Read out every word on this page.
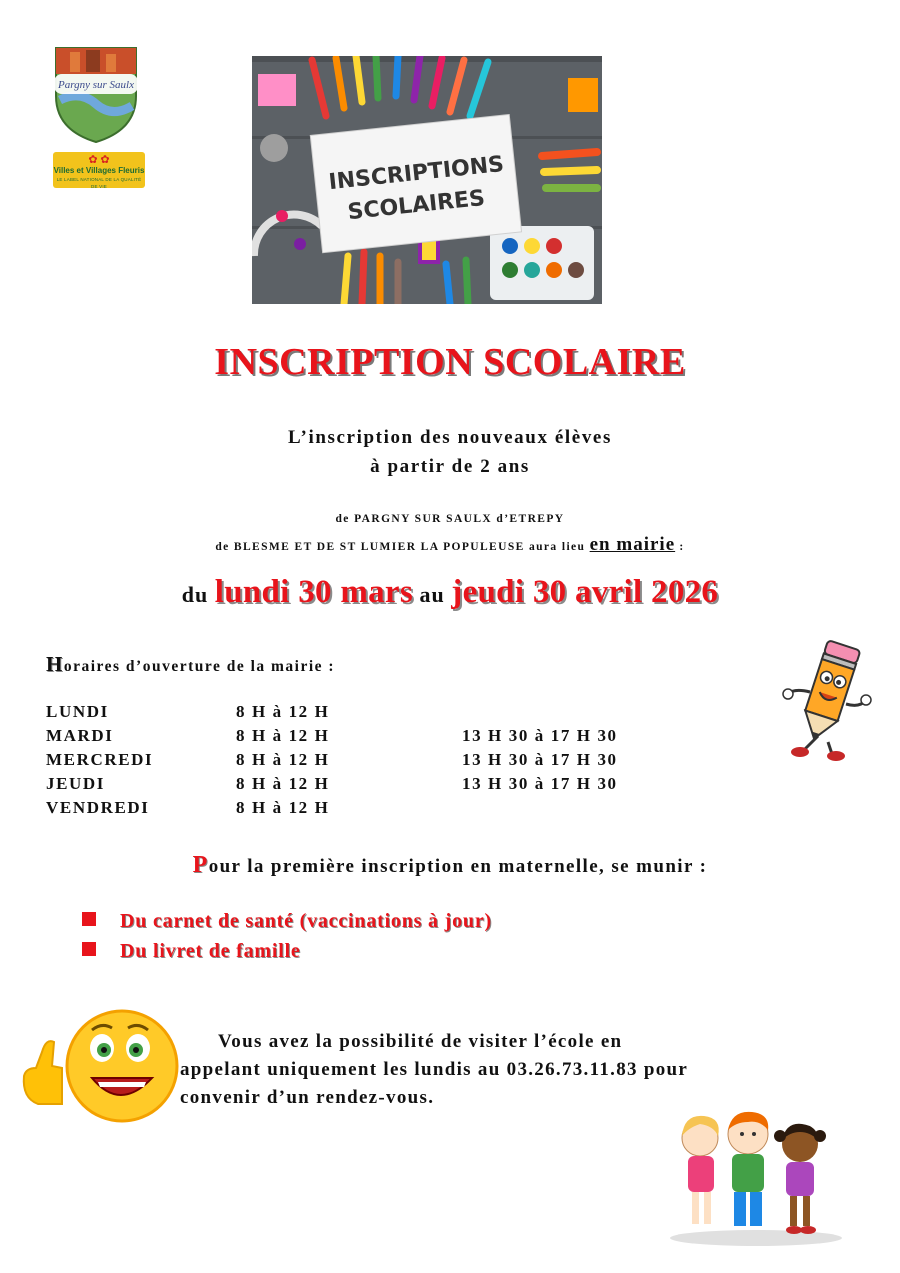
Pargny sur Saulx
✿ ✿
Villes et Villages Fleuris
LE LABEL NATIONAL DE LA QUALITÉ DE VIE	INSCRIPTIONS
SCOLAIRES
INSCRIPTION SCOLAIRE
L’inscription des nouveaux élèves
à partir de 2 ans
de PARGNY SUR SAULX d’ETREPY
de BLESME ET DE ST LUMIER LA POPULEUSE aura lieu en mairie :
du lundi 30 mars au jeudi 30 avril 2026
Horaires d’ouverture de la mairie :
LUNDI	8 H à 12 H
MARDI	8 H à 12 H	13 H 30 à 17 H 30
MERCREDI	8 H à 12 H	13 H 30 à 17 H 30
JEUDI	8 H à 12 H	13 H 30 à 17 H 30
VENDREDI	8 H à 12 H
Pour la première inscription en maternelle, se munir :
Du carnet de santé (vaccinations à jour)
Du livret de famille
Vous avez la possibilité de visiter l’école en
appelant uniquement les lundis au 03.26.73.11.83 pour
convenir d’un rendez-vous.
